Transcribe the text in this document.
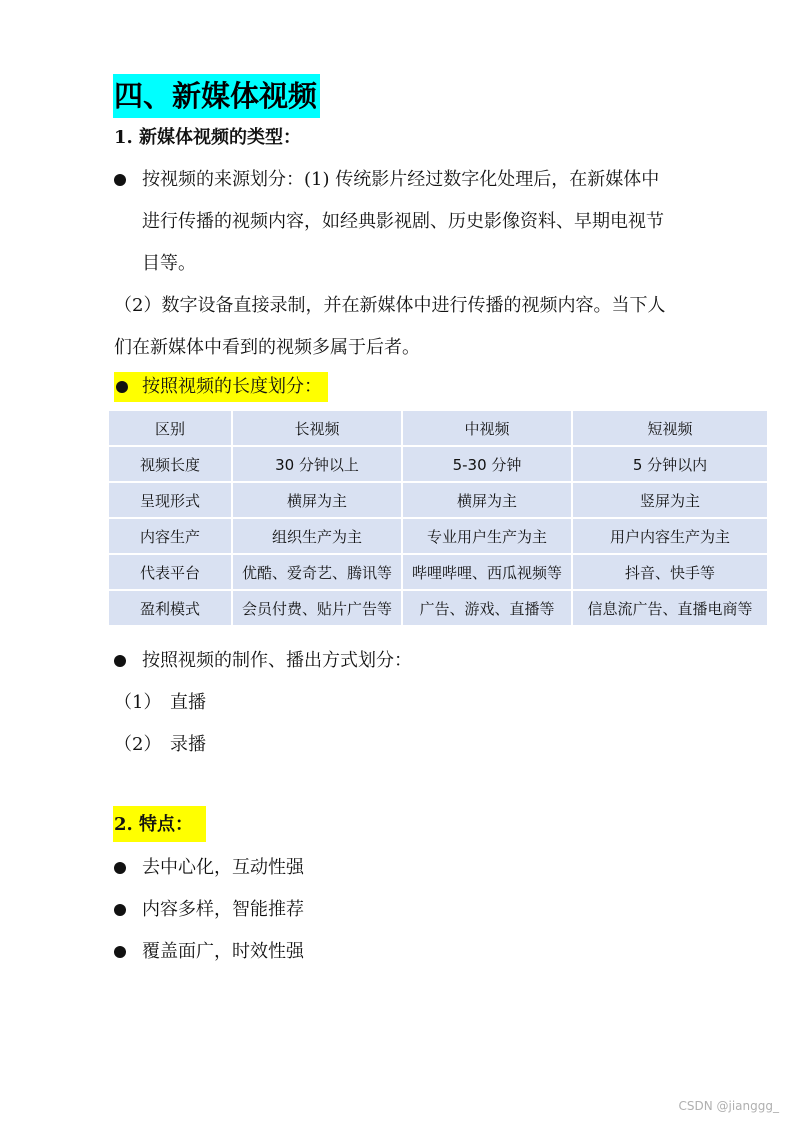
四、新媒体视频
1. 新媒体视频的类型：
按视频的来源划分：(1) 传统影片经过数字化处理后，在新媒体中
进行传播的视频内容，如经典影视剧、历史影像资料、早期电视节
目等。
（2）数字设备直接录制，并在新媒体中进行传播的视频内容。当下人
们在新媒体中看到的视频多属于后者。
按照视频的长度划分：
区别	长视频	中视频	短视频
视频长度	30 分钟以上	5-30 分钟	5 分钟以内
呈现形式	横屏为主	横屏为主	竖屏为主
内容生产	组织生产为主	专业用户生产为主	用户内容生产为主
代表平台	优酷、爱奇艺、腾讯等	哔哩哔哩、西瓜视频等	抖音、快手等
盈利模式	会员付费、贴片广告等	广告、游戏、直播等	信息流广告、直播电商等
按照视频的制作、播出方式划分：
（1） 直播
（2） 录播
2. 特点：
去中心化，互动性强
内容多样，智能推荐
覆盖面广，时效性强
CSDN @jianggg_
